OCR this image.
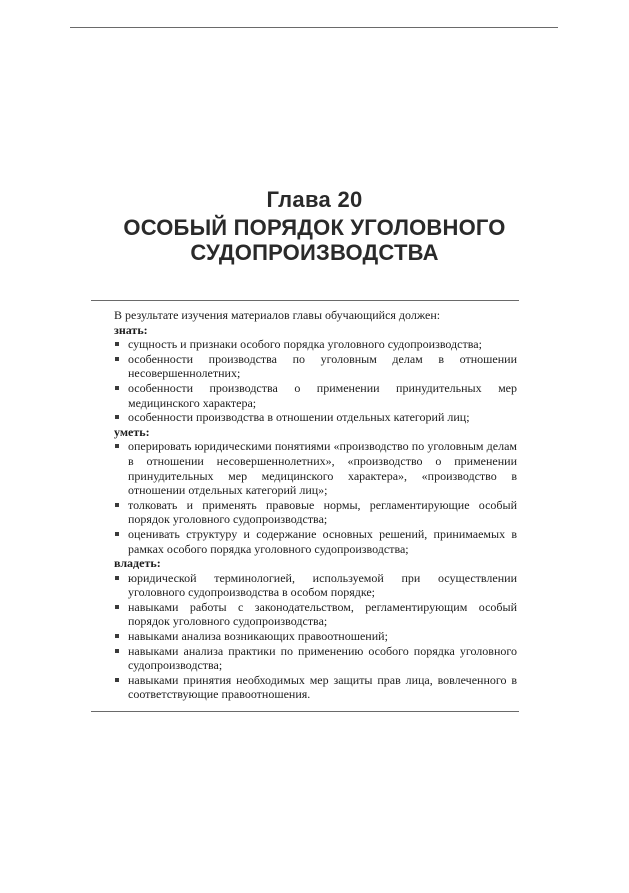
Глава 20
ОСОБЫЙ ПОРЯДОК УГОЛОВНОГО
СУДОПРОИЗВОДСТВА

В результате изучения материалов главы обучающийся должен:

знать:

сущность и признаки особого порядка уголовного судопроизводства;
особенности производства по уголовным делам в отношении несовершеннолетних;
особенности производства о применении принудительных мер медицинского характера;
особенности производства в отношении отдельных категорий лиц;

уметь:

оперировать юридическими понятиями «производство по уголовным делам в отношении несовершеннолетних», «производство о применении принудительных мер медицинского характера», «производство в отношении отдельных категорий лиц»;
толковать и применять правовые нормы, регламентирующие особый порядок уголовного судопроизводства;
оценивать структуру и содержание основных решений, принимаемых в рамках особого порядка уголовного судопроизводства;

владеть:

юридической терминологией, используемой при осуществлении уголовного судопроизводства в особом порядке;
навыками работы с законодательством, регламентирующим особый порядок уголовного судопроизводства;
навыками анализа возникающих правоотношений;
навыками анализа практики по применению особого порядка уголовного судопроизводства;
навыками принятия необходимых мер защиты прав лица, вовлеченного в соответствующие правоотношения.
